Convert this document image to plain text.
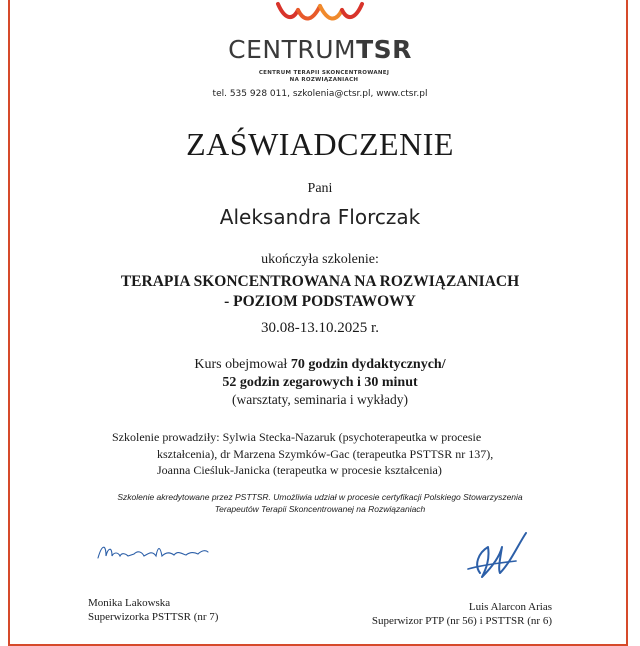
CENTRUMTSR
CENTRUM TERAPII SKONCENTROWANEJ
NA ROZWIĄZANIACH
tel. 535 928 011, szkolenia@ctsr.pl, www.ctsr.pl
ZAŚWIADCZENIE
Pani
Aleksandra Florczak
ukończyła szkolenie:
TERAPIA SKONCENTROWANA NA ROZWIĄZANIACH
- POZIOM PODSTAWOWY
30.08-13.10.2025 r.
Kurs obejmował 70 godzin dydaktycznych/
52 godzin zegarowych i 30 minut
(warsztaty, seminaria i wykłady)
Szkolenie prowadziły: Sylwia Stecka-Nazaruk (psychoterapeutka w procesie
kształcenia), dr Marzena Szymków-Gac (terapeutka PSTTSR nr 137),
Joanna Cieśluk-Janicka (terapeutka w procesie kształcenia)
Szkolenie akredytowane przez PSTTSR. Umożliwia udział w procesie certyfikacji Polskiego Stowarzyszenia
Terapeutów Terapii Skoncentrowanej na Rozwiązaniach
Monika Lakowska
Superwizorka PSTTSR (nr 7)
Luis Alarcon Arias
Superwizor PTP (nr 56) i PSTTSR (nr 6)
